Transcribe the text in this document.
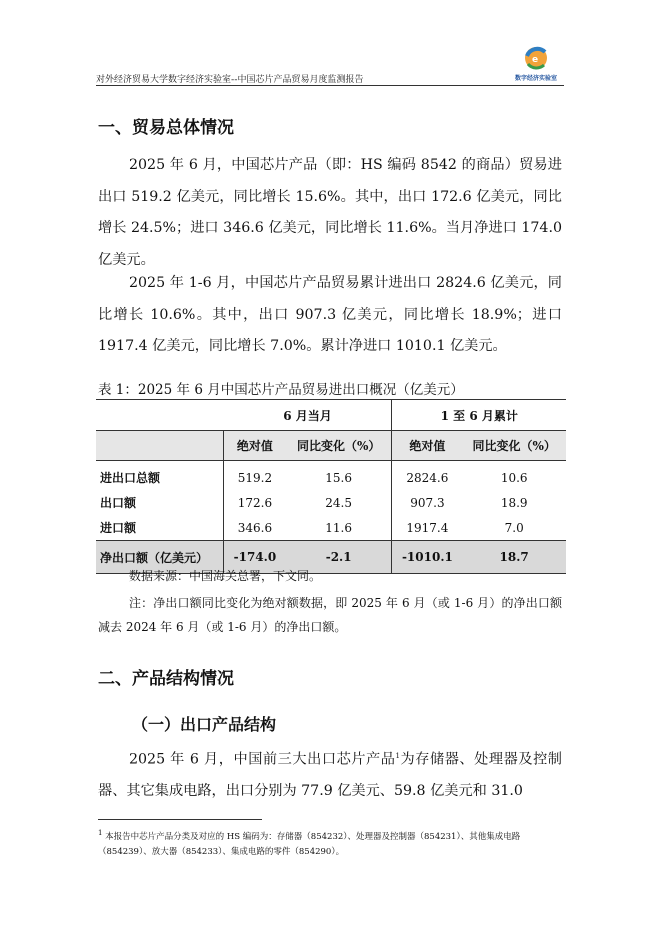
对外经济贸易大学数字经济实验室--中国芯片产品贸易月度监测报告
e
数字经济实验室
一、贸易总体情况

2025 年 6 月，中国芯片产品（即：HS 编码 8542 的商品）贸易进出口 519.2 亿美元，同比增长 15.6%。其中，出口 172.6 亿美元，同比增长 24.5%；进口 346.6 亿美元，同比增长 11.6%。当月净进口 174.0 亿美元。

2025 年 1-6 月，中国芯片产品贸易累计进出口 2824.6 亿美元，同比增长 10.6%。其中，出口 907.3 亿美元，同比增长 18.9%；进口 1917.4 亿美元，同比增长 7.0%。累计净进口 1010.1 亿美元。

表 1：2025 年 6 月中国芯片产品贸易进出口概况（亿美元）
	6 月当月		1 至 6 月累计	
	绝对值	同比变化（%）	绝对值	同比变化（%）
进出口总额	519.2	15.6	2824.6	10.6
出口额	172.6	24.5	907.3	18.9
进口额	346.6	11.6	1917.4	7.0
净出口额（亿美元）	-174.0	-2.1	-1010.1	18.7
数据来源：中国海关总署，下文同。

注：净出口额同比变化为绝对额数据，即 2025 年 6 月（或 1-6 月）的净出口额减去 2024 年 6 月（或 1-6 月）的净出口额。

二、产品结构情况
（一）出口产品结构

2025 年 6 月，中国前三大出口芯片产品$^1$为存储器、处理器及控制器、其它集成电路，出口分别为 77.9 亿美元、59.8 亿美元和 31.0

$^1$ 本报告中芯片产品分类及对应的 HS 编码为：存储器（854232）、处理器及控制器（854231）、其他集成电路（854239）、放大器（854233）、集成电路的零件（854290）。
